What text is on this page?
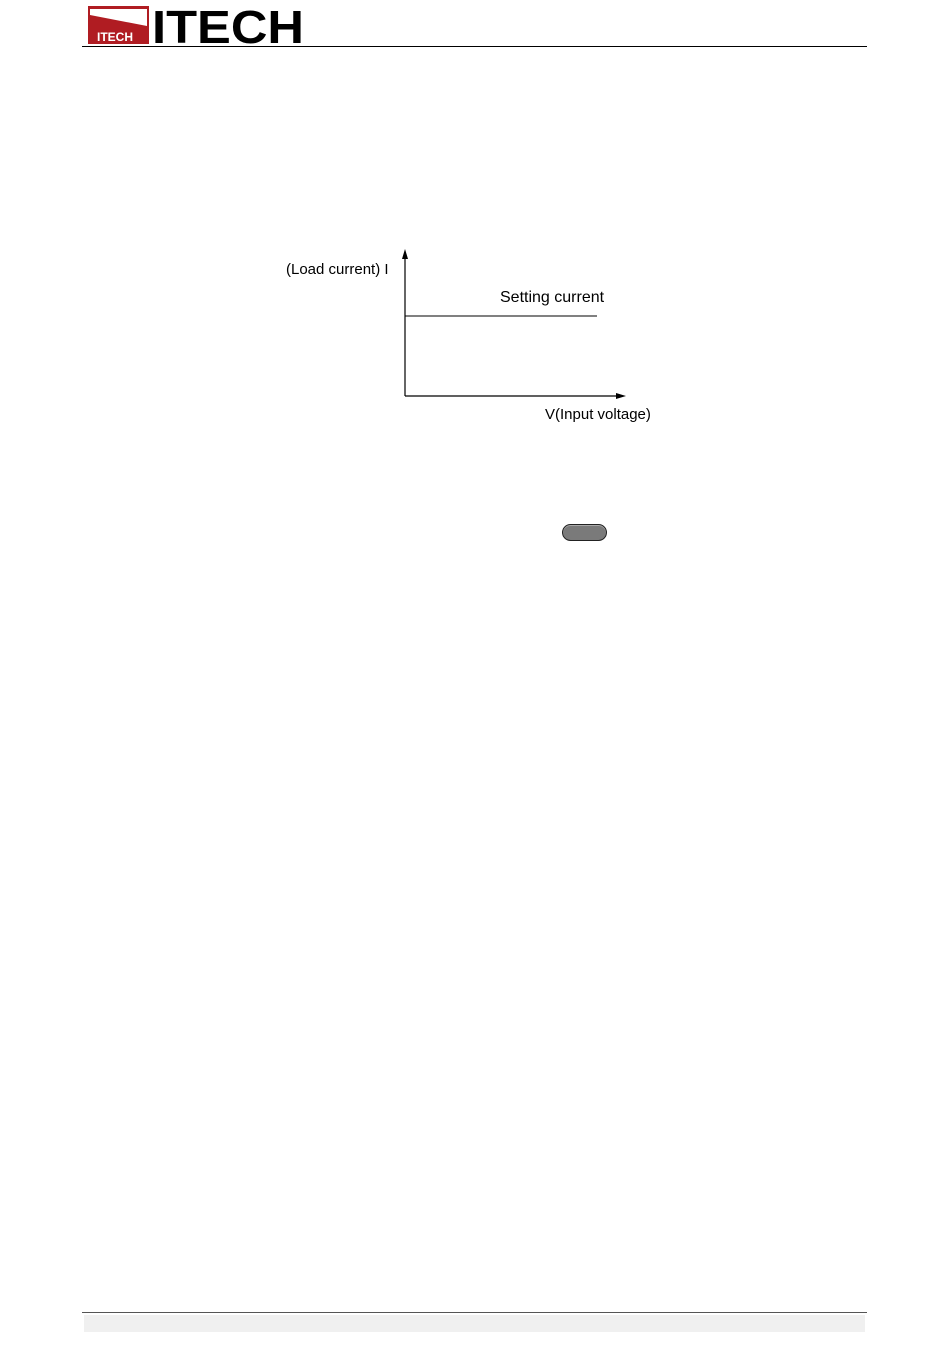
ITECH ITECH
(Load current) I
Setting current
V(Input voltage)
